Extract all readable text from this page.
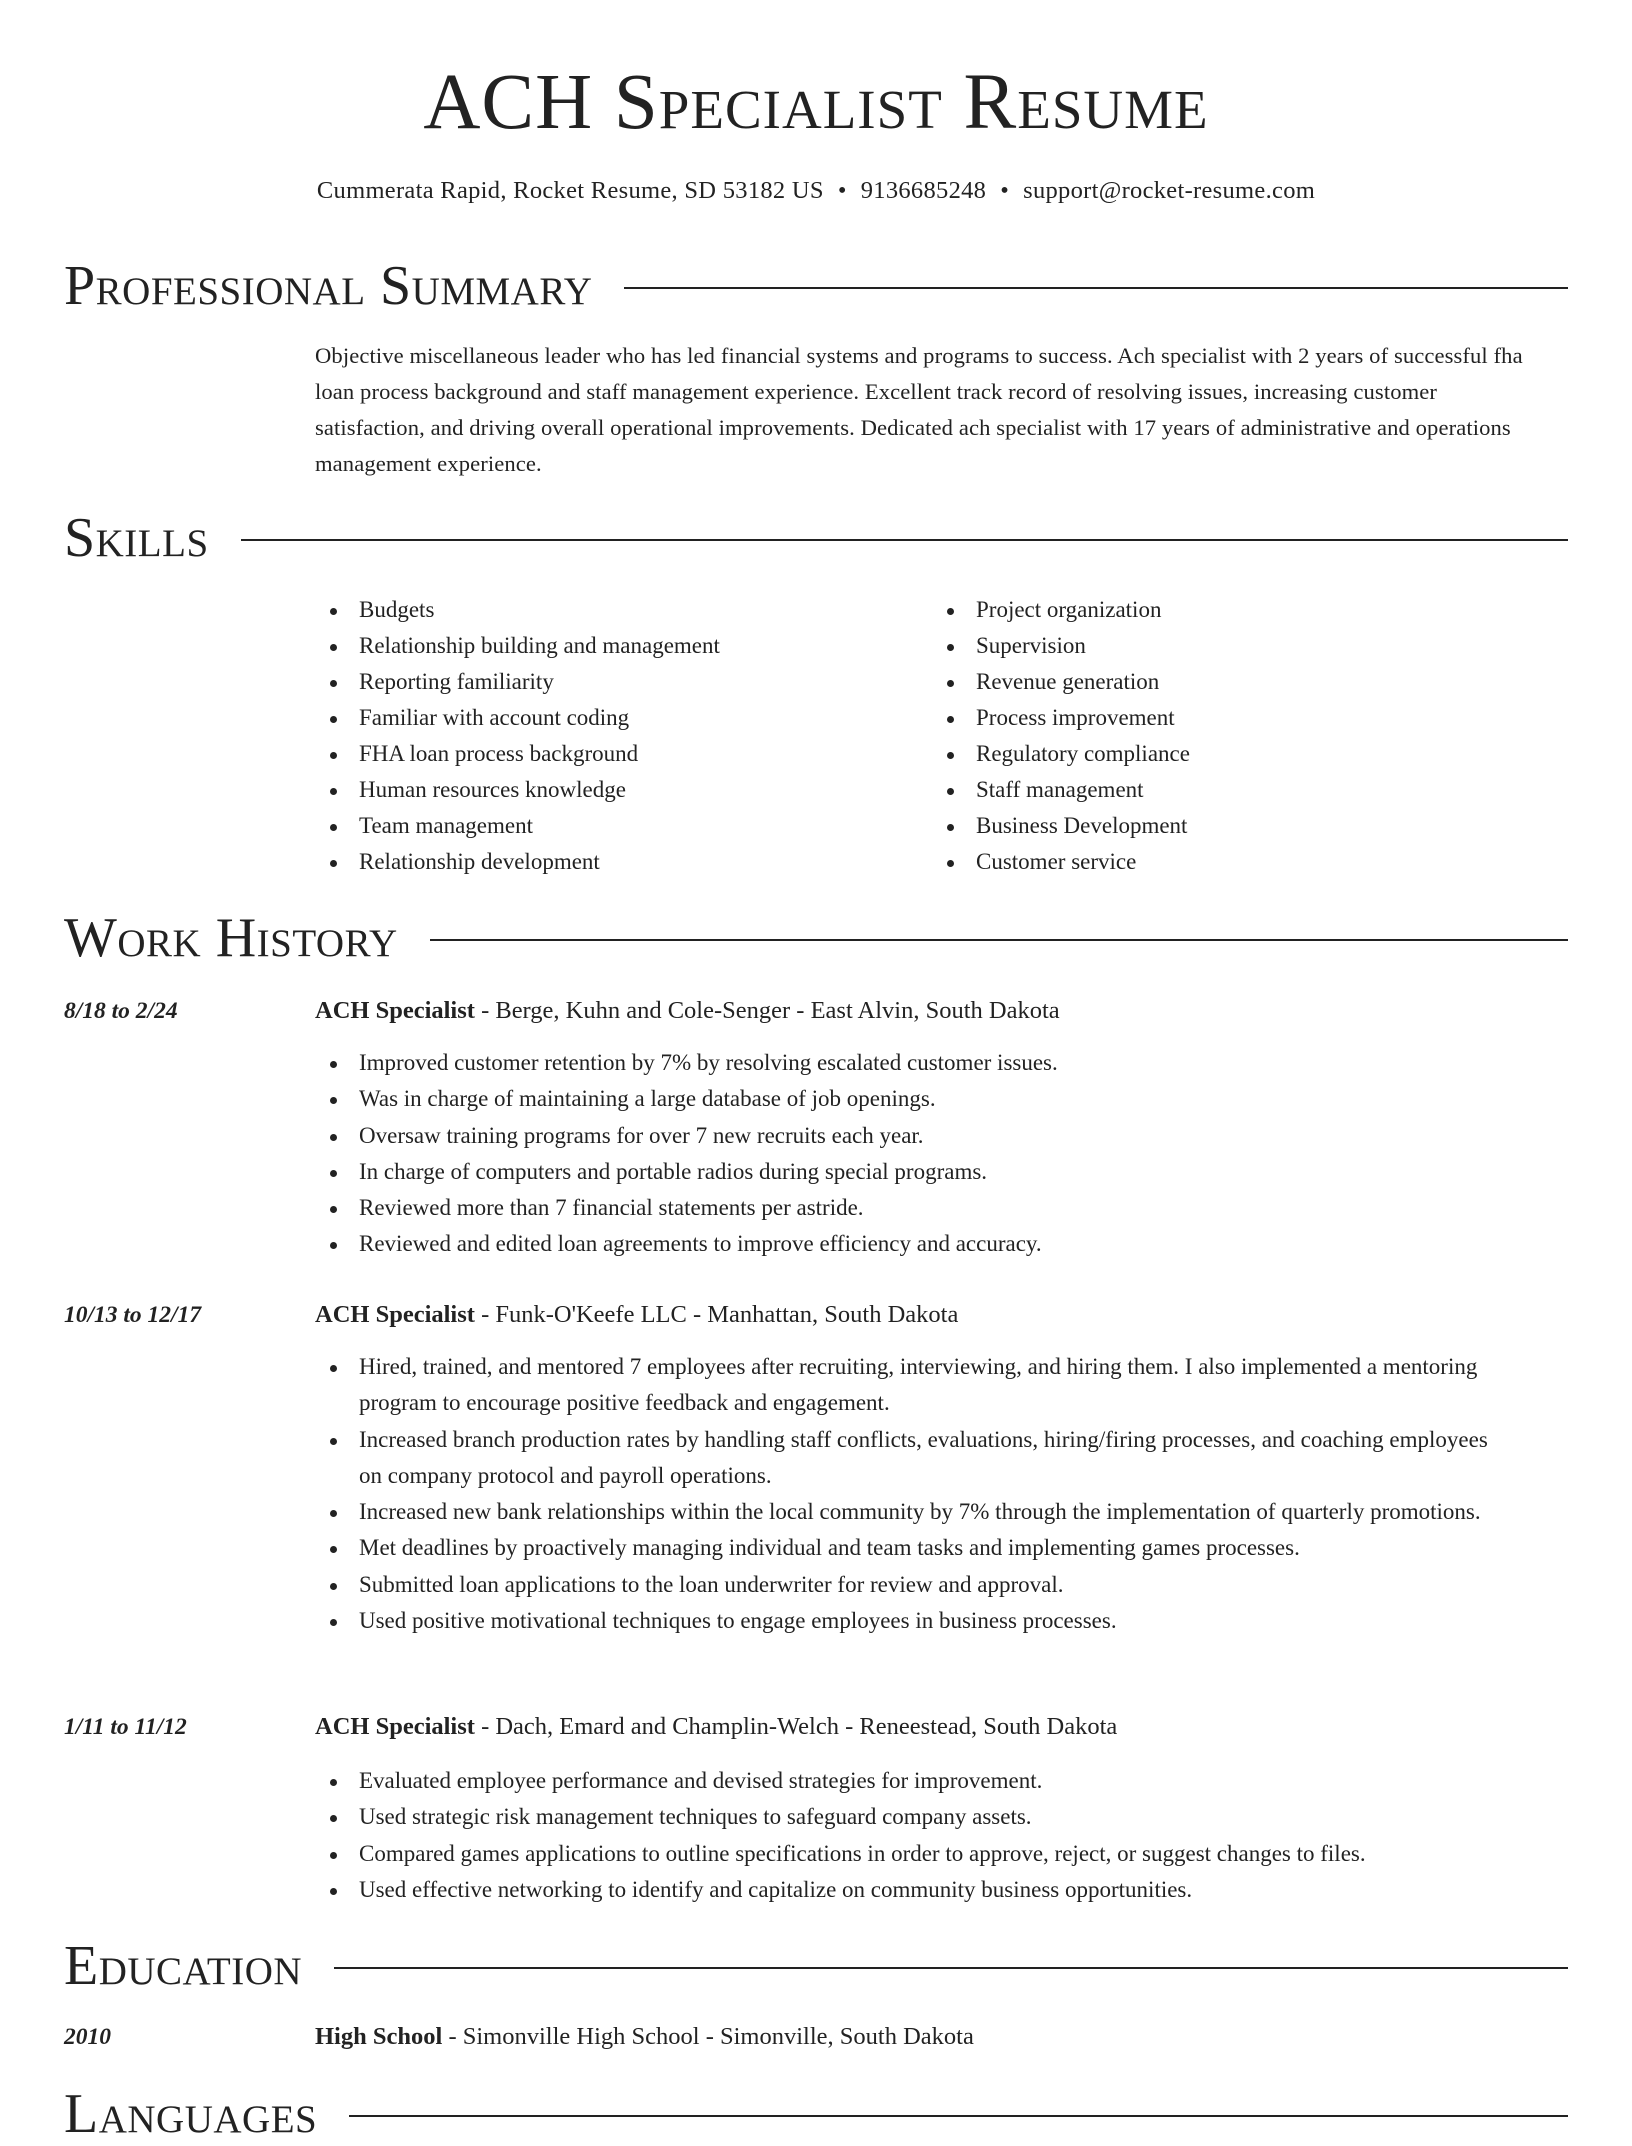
ACH Specialist Resume
Cummerata Rapid, Rocket Resume, SD 53182 US • 9136685248 • support@rocket-resume.com
Professional Summary

Objective miscellaneous leader who has led financial systems and programs to success. Ach specialist with 2 years of successful fha loan process background and staff management experience. Excellent track record of resolving issues, increasing customer satisfaction, and driving overall operational improvements. Dedicated ach specialist with 17 years of administrative and operations management experience.

Skills
Budgets
Relationship building and management
Reporting familiarity
Familiar with account coding
FHA loan process background
Human resources knowledge
Team management
Relationship development
Project organization
Supervision
Revenue generation
Process improvement
Regulatory compliance
Staff management
Business Development
Customer service
Work History
8/18 to 2/24	ACH Specialist - Berge, Kuhn and Cole-Senger - East Alvin, South Dakota
Improved customer retention by 7% by resolving escalated customer issues.
Was in charge of maintaining a large database of job openings.
Oversaw training programs for over 7 new recruits each year.
In charge of computers and portable radios during special programs.
Reviewed more than 7 financial statements per astride.
Reviewed and edited loan agreements to improve efficiency and accuracy.
10/13 to 12/17	ACH Specialist - Funk-O'Keefe LLC - Manhattan, South Dakota
Hired, trained, and mentored 7 employees after recruiting, interviewing, and hiring them. I also implemented a mentoring program to encourage positive feedback and engagement.
Increased branch production rates by handling staff conflicts, evaluations, hiring/firing processes, and coaching employees on company protocol and payroll operations.
Increased new bank relationships within the local community by 7% through the implementation of quarterly promotions.
Met deadlines by proactively managing individual and team tasks and implementing games processes.
Submitted loan applications to the loan underwriter for review and approval.
Used positive motivational techniques to engage employees in business processes.
1/11 to 11/12	ACH Specialist - Dach, Emard and Champlin-Welch - Reneestead, South Dakota
Evaluated employee performance and devised strategies for improvement.
Used strategic risk management techniques to safeguard company assets.
Compared games applications to outline specifications in order to approve, reject, or suggest changes to files.
Used effective networking to identify and capitalize on community business opportunities.
Education
2010	High School - Simonville High School - Simonville, South Dakota
Languages
